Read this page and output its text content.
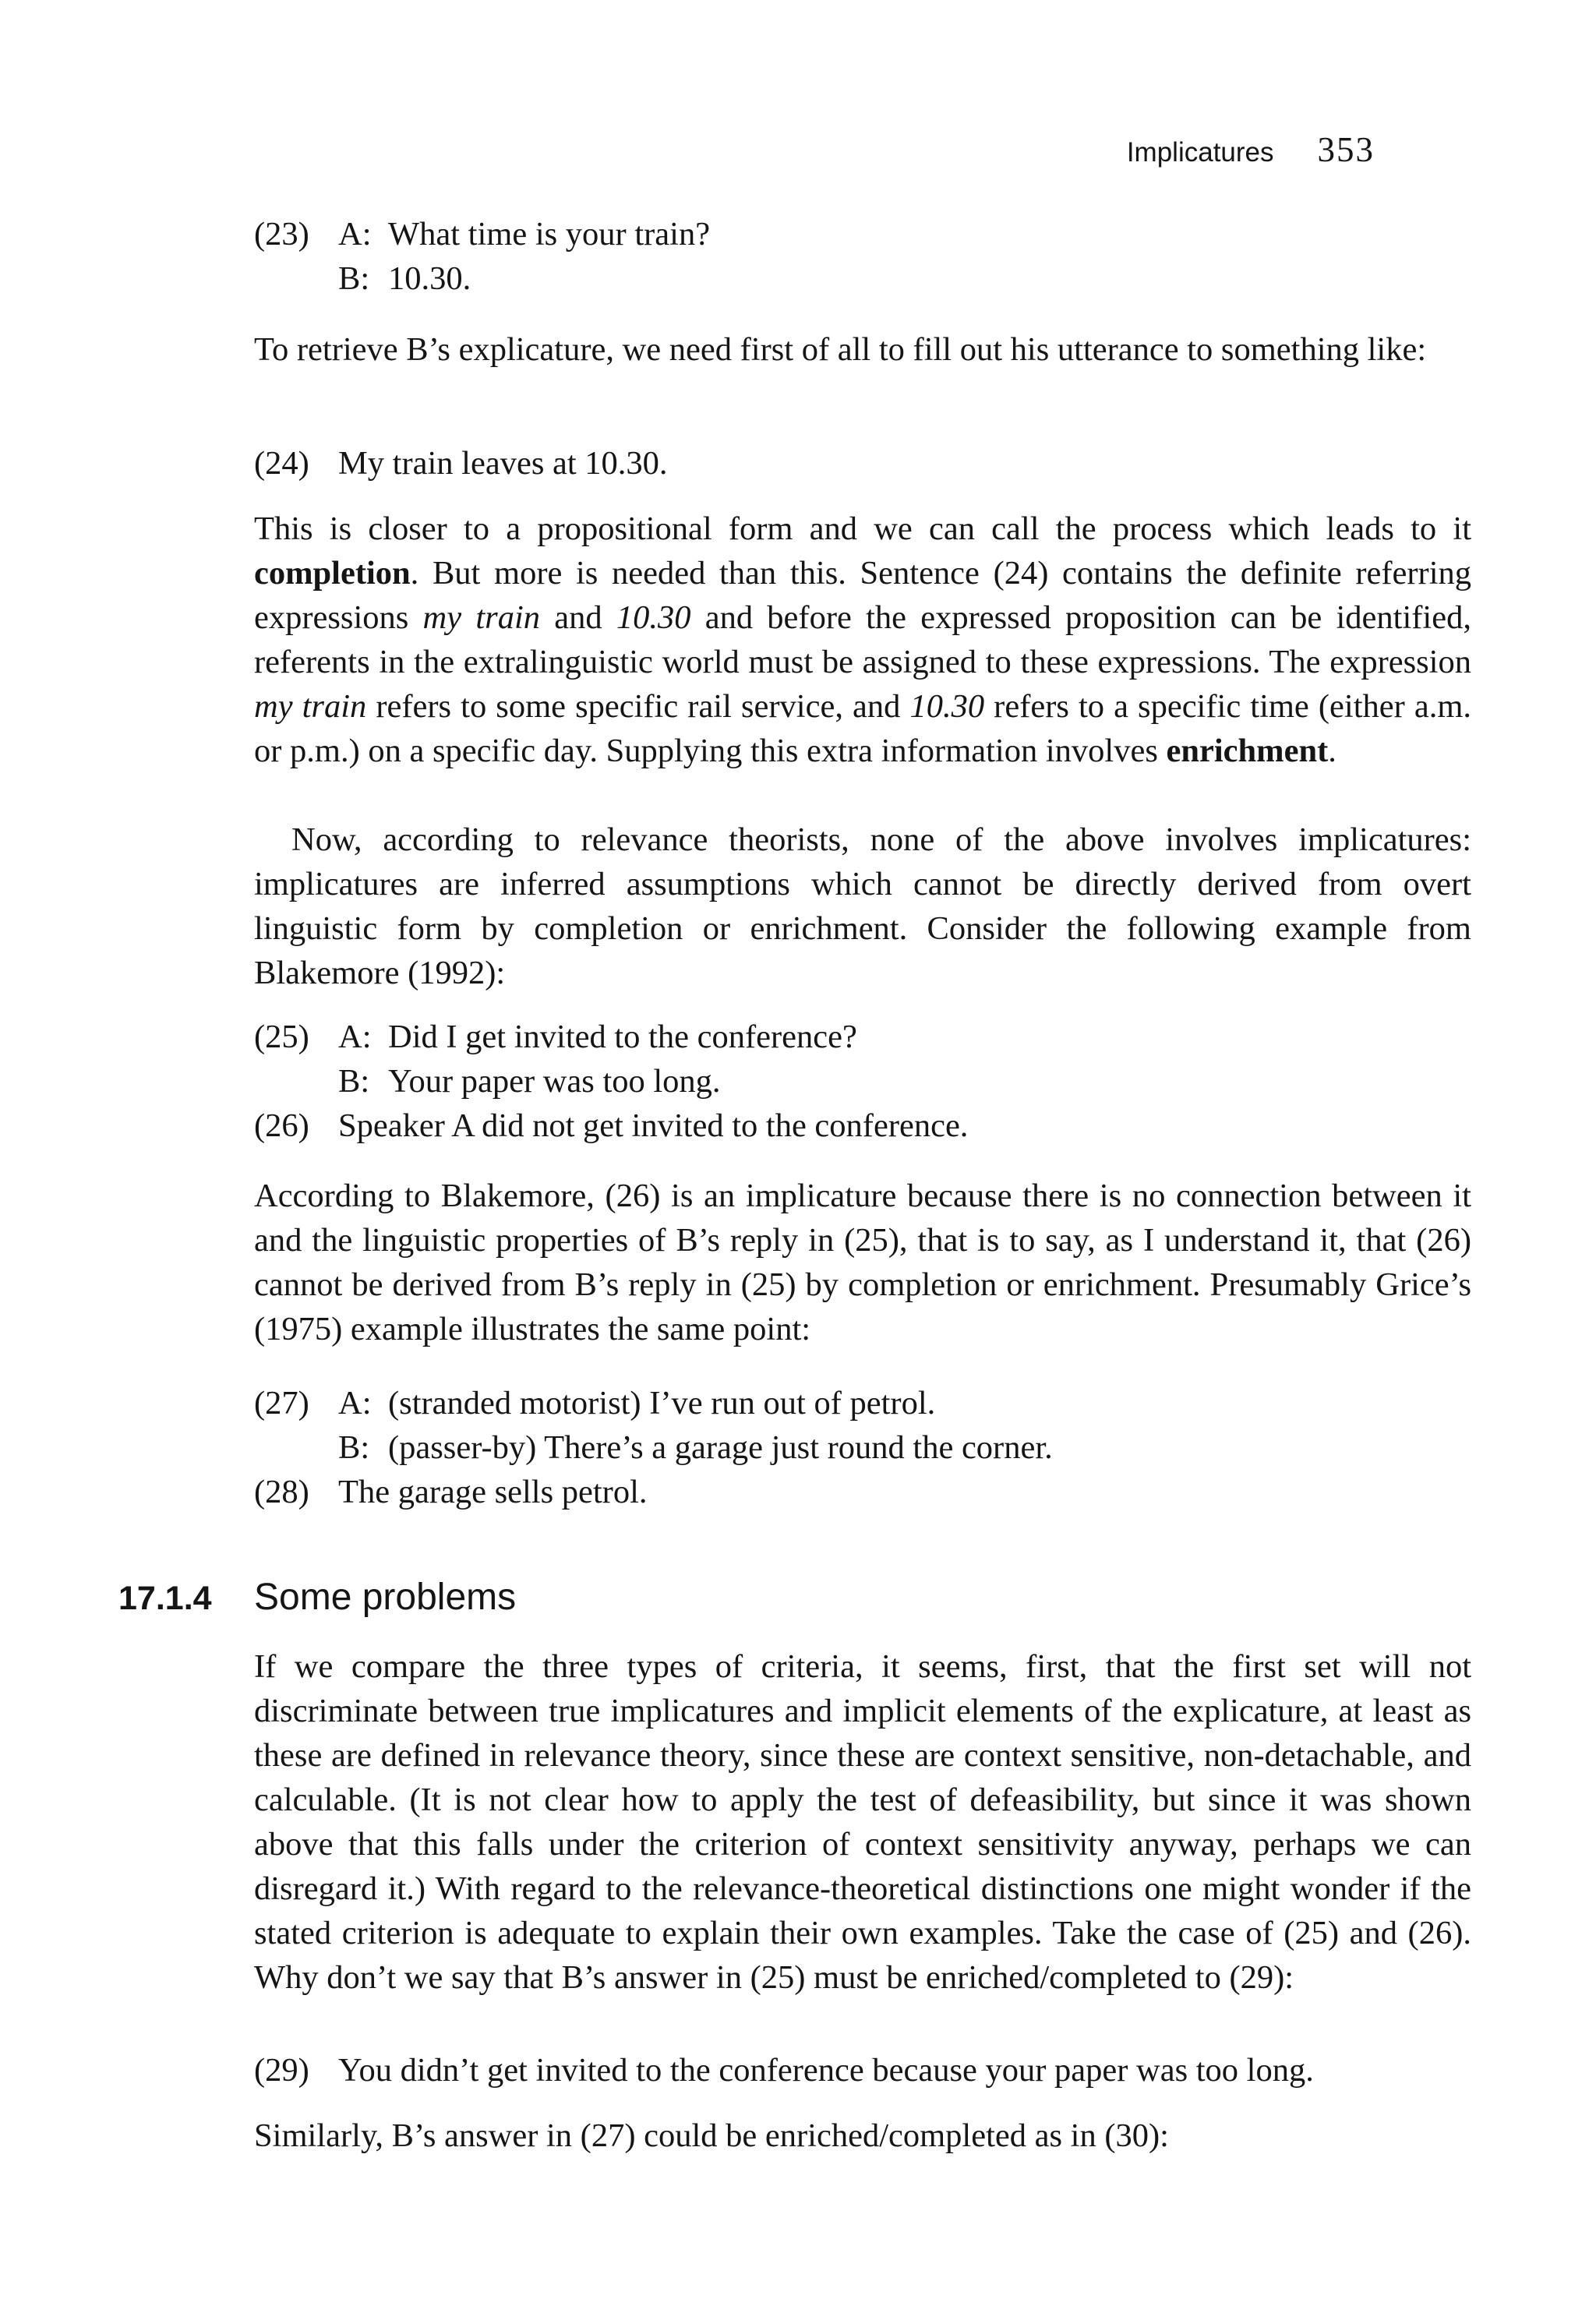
Implicatures 353
(23) A: What time is your train?
B: 10.30.

To retrieve B’s explicature, we need first of all to fill out his utterance to something like:

(24) My train leaves at 10.30.

This is closer to a propositional form and we can call the process which leads to it completion. But more is needed than this. Sentence (24) contains the definite referring expressions my train and 10.30 and before the expressed proposition can be identified, referents in the extralinguistic world must be assigned to these expressions. The expression my train refers to some specific rail service, and 10.30 refers to a specific time (either a.m. or p.m.) on a specific day. Supplying this extra information involves enrichment.

Now, according to relevance theorists, none of the above involves implicatures: implicatures are inferred assumptions which cannot be directly derived from overt linguistic form by completion or enrichment. Consider the following example from Blakemore (1992):

(25) A: Did I get invited to the conference?
B: Your paper was too long.
(26) Speaker A did not get invited to the conference.

According to Blakemore, (26) is an implicature because there is no connection between it and the linguistic properties of B’s reply in (25), that is to say, as I understand it, that (26) cannot be derived from B’s reply in (25) by completion or enrichment. Presumably Grice’s (1975) example illustrates the same point:

(27) A: (stranded motorist) I’ve run out of petrol.
B: (passer-by) There’s a garage just round the corner.
(28) The garage sells petrol.
17.1.4	Some problems

If we compare the three types of criteria, it seems, first, that the first set will not discriminate between true implicatures and implicit elements of the explicature, at least as these are defined in relevance theory, since these are context sensitive, non-detachable, and calculable. (It is not clear how to apply the test of defeasibility, but since it was shown above that this falls under the criterion of context sensitivity anyway, perhaps we can disregard it.) With regard to the relevance-theoretical distinctions one might wonder if the stated criterion is adequate to explain their own examples. Take the case of (25) and (26). Why don’t we say that B’s answer in (25) must be enriched/completed to (29):

(29) You didn’t get invited to the conference because your paper was too long.

Similarly, B’s answer in (27) could be enriched/completed as in (30):
